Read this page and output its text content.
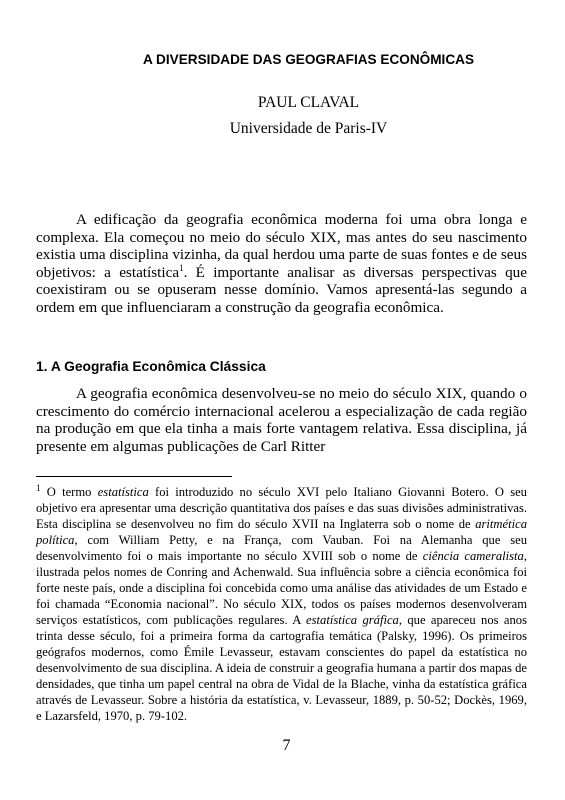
A DIVERSIDADE DAS GEOGRAFIAS ECONÔMICAS
PAUL CLAVAL
Universidade de Paris-IV

A edificação da geografia econômica moderna foi uma obra longa e complexa. Ela começou no meio do século XIX, mas antes do seu nascimento existia uma disciplina vizinha, da qual herdou uma parte de suas fontes e de seus objetivos: a estatística$^1$. É importante analisar as diversas perspectivas que coexistiram ou se opuseram nesse domínio. Vamos apresentá-las segundo a ordem em que influenciaram a construção da geografia econômica.

1. A Geografia Econômica Clássica

A geografia econômica desenvolveu-se no meio do século XIX, quando o crescimento do comércio internacional acelerou a especialização de cada região na produção em que ela tinha a mais forte vantagem relativa. Essa disciplina, já presente em algumas publicações de Carl Ritter

$^1$ O termo estatística foi introduzido no século XVI pelo Italiano Giovanni Botero. O seu objetivo era apresentar uma descrição quantitativa dos países e das suas divisões administrativas. Esta disciplina se desenvolveu no fim do século XVII na Inglaterra sob o nome de aritmética política, com William Petty, e na França, com Vauban. Foi na Alemanha que seu desenvolvimento foi o mais importante no século XVIII sob o nome de ciência cameralista, ilustrada pelos nomes de Conring and Achenwald. Sua influência sobre a ciência econômica foi forte neste país, onde a disciplina foi concebida como uma análise das atividades de um Estado e foi chamada “Economia nacional”. No século XIX, todos os países modernos desenvolveram serviços estatísticos, com publicações regulares. A estatística gráfica, que apareceu nos anos trinta desse século, foi a primeira forma da cartografia temática (Palsky, 1996). Os primeiros geógrafos modernos, como Émile Levasseur, estavam conscientes do papel da estatística no desenvolvimento de sua disciplina. A ideia de construir a geografia humana a partir dos mapas de densidades, que tinha um papel central na obra de Vidal de la Blache, vinha da estatística gráfica através de Levasseur. Sobre a história da estatística, v. Levasseur, 1889, p. 50-52; Dockès, 1969, e Lazarsfeld, 1970, p. 79-102.

7
